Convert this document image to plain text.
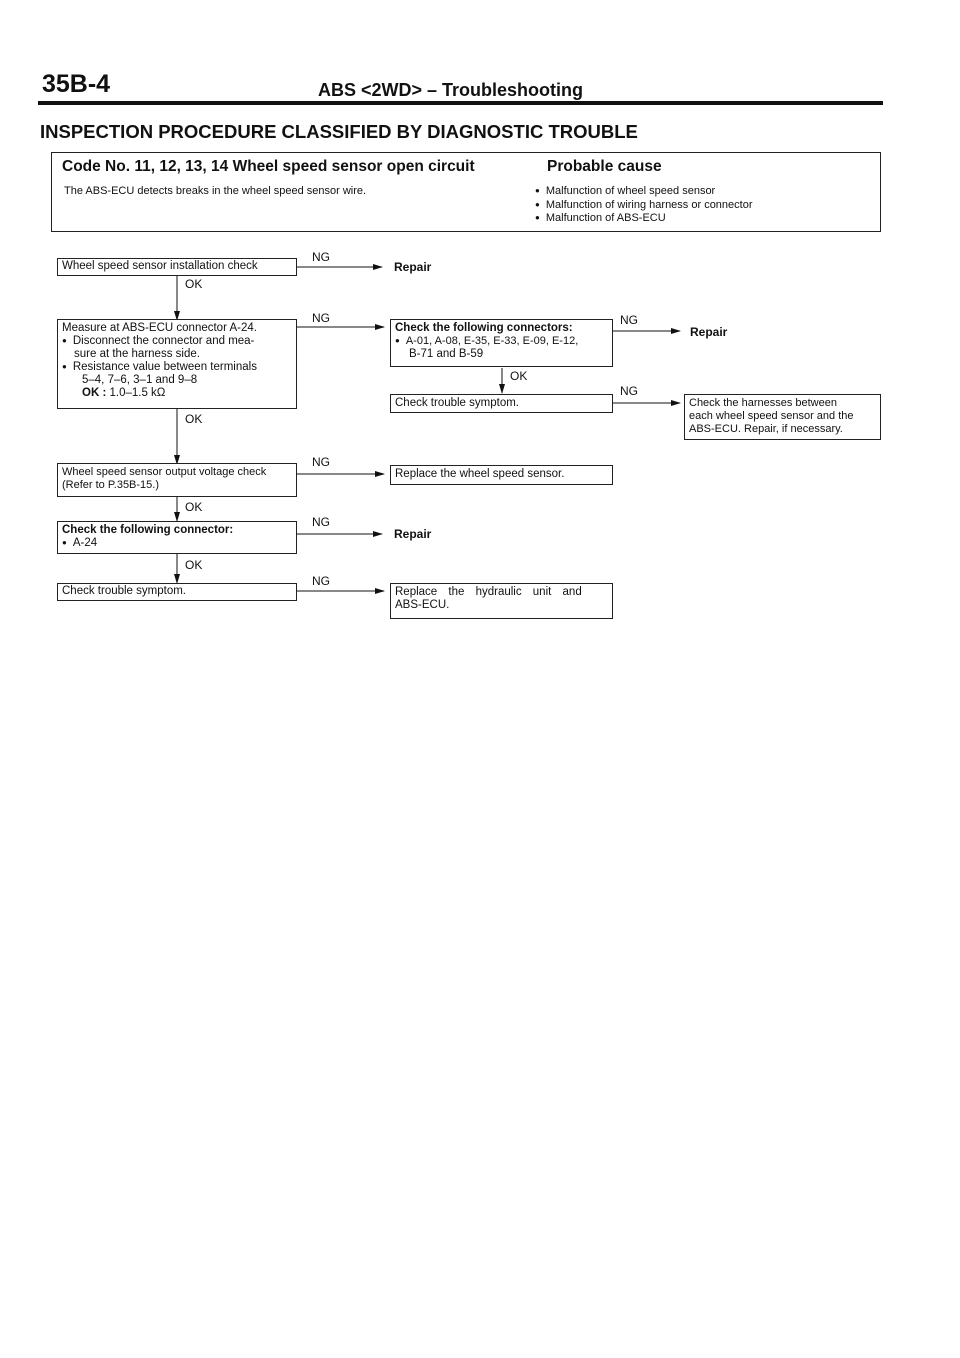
35B-4	ABS <2WD> – Troubleshooting
INSPECTION PROCEDURE CLASSIFIED BY DIAGNOSTIC TROUBLE
Code No. 11, 12, 13, 14 Wheel speed sensor open circuit
The ABS-ECU detects breaks in the wheel speed sensor wire.
Probable cause
● Malfunction of wheel speed sensor
● Malfunction of wiring harness or connector
● Malfunction of ABS-ECU
Wheel speed sensor installation check
OK
NG
Repair
Measure at ABS-ECU connector A-24.
● Disconnect the connector and mea-
sure at the harness side.
● Resistance value between terminals
5–4, 7–6, 3–1 and 9–8
OK : 1.0–1.5 kΩ
OK
NG
Wheel speed sensor output voltage check
(Refer to P.35B-15.)
OK
NG
Check the following connector:
● A-24
OK
NG
Repair
Check trouble symptom.
NG
Check the following connectors:
● A-01, A-08, E-35, E-33, E-09, E-12,
B-71 and B-59
OK
NG
Repair
Check trouble symptom.
NG
Check the harnesses between
each wheel speed sensor and the
ABS-ECU. Repair, if necessary.
Replace the wheel speed sensor.
Replace the hydraulic unit and
ABS-ECU.
